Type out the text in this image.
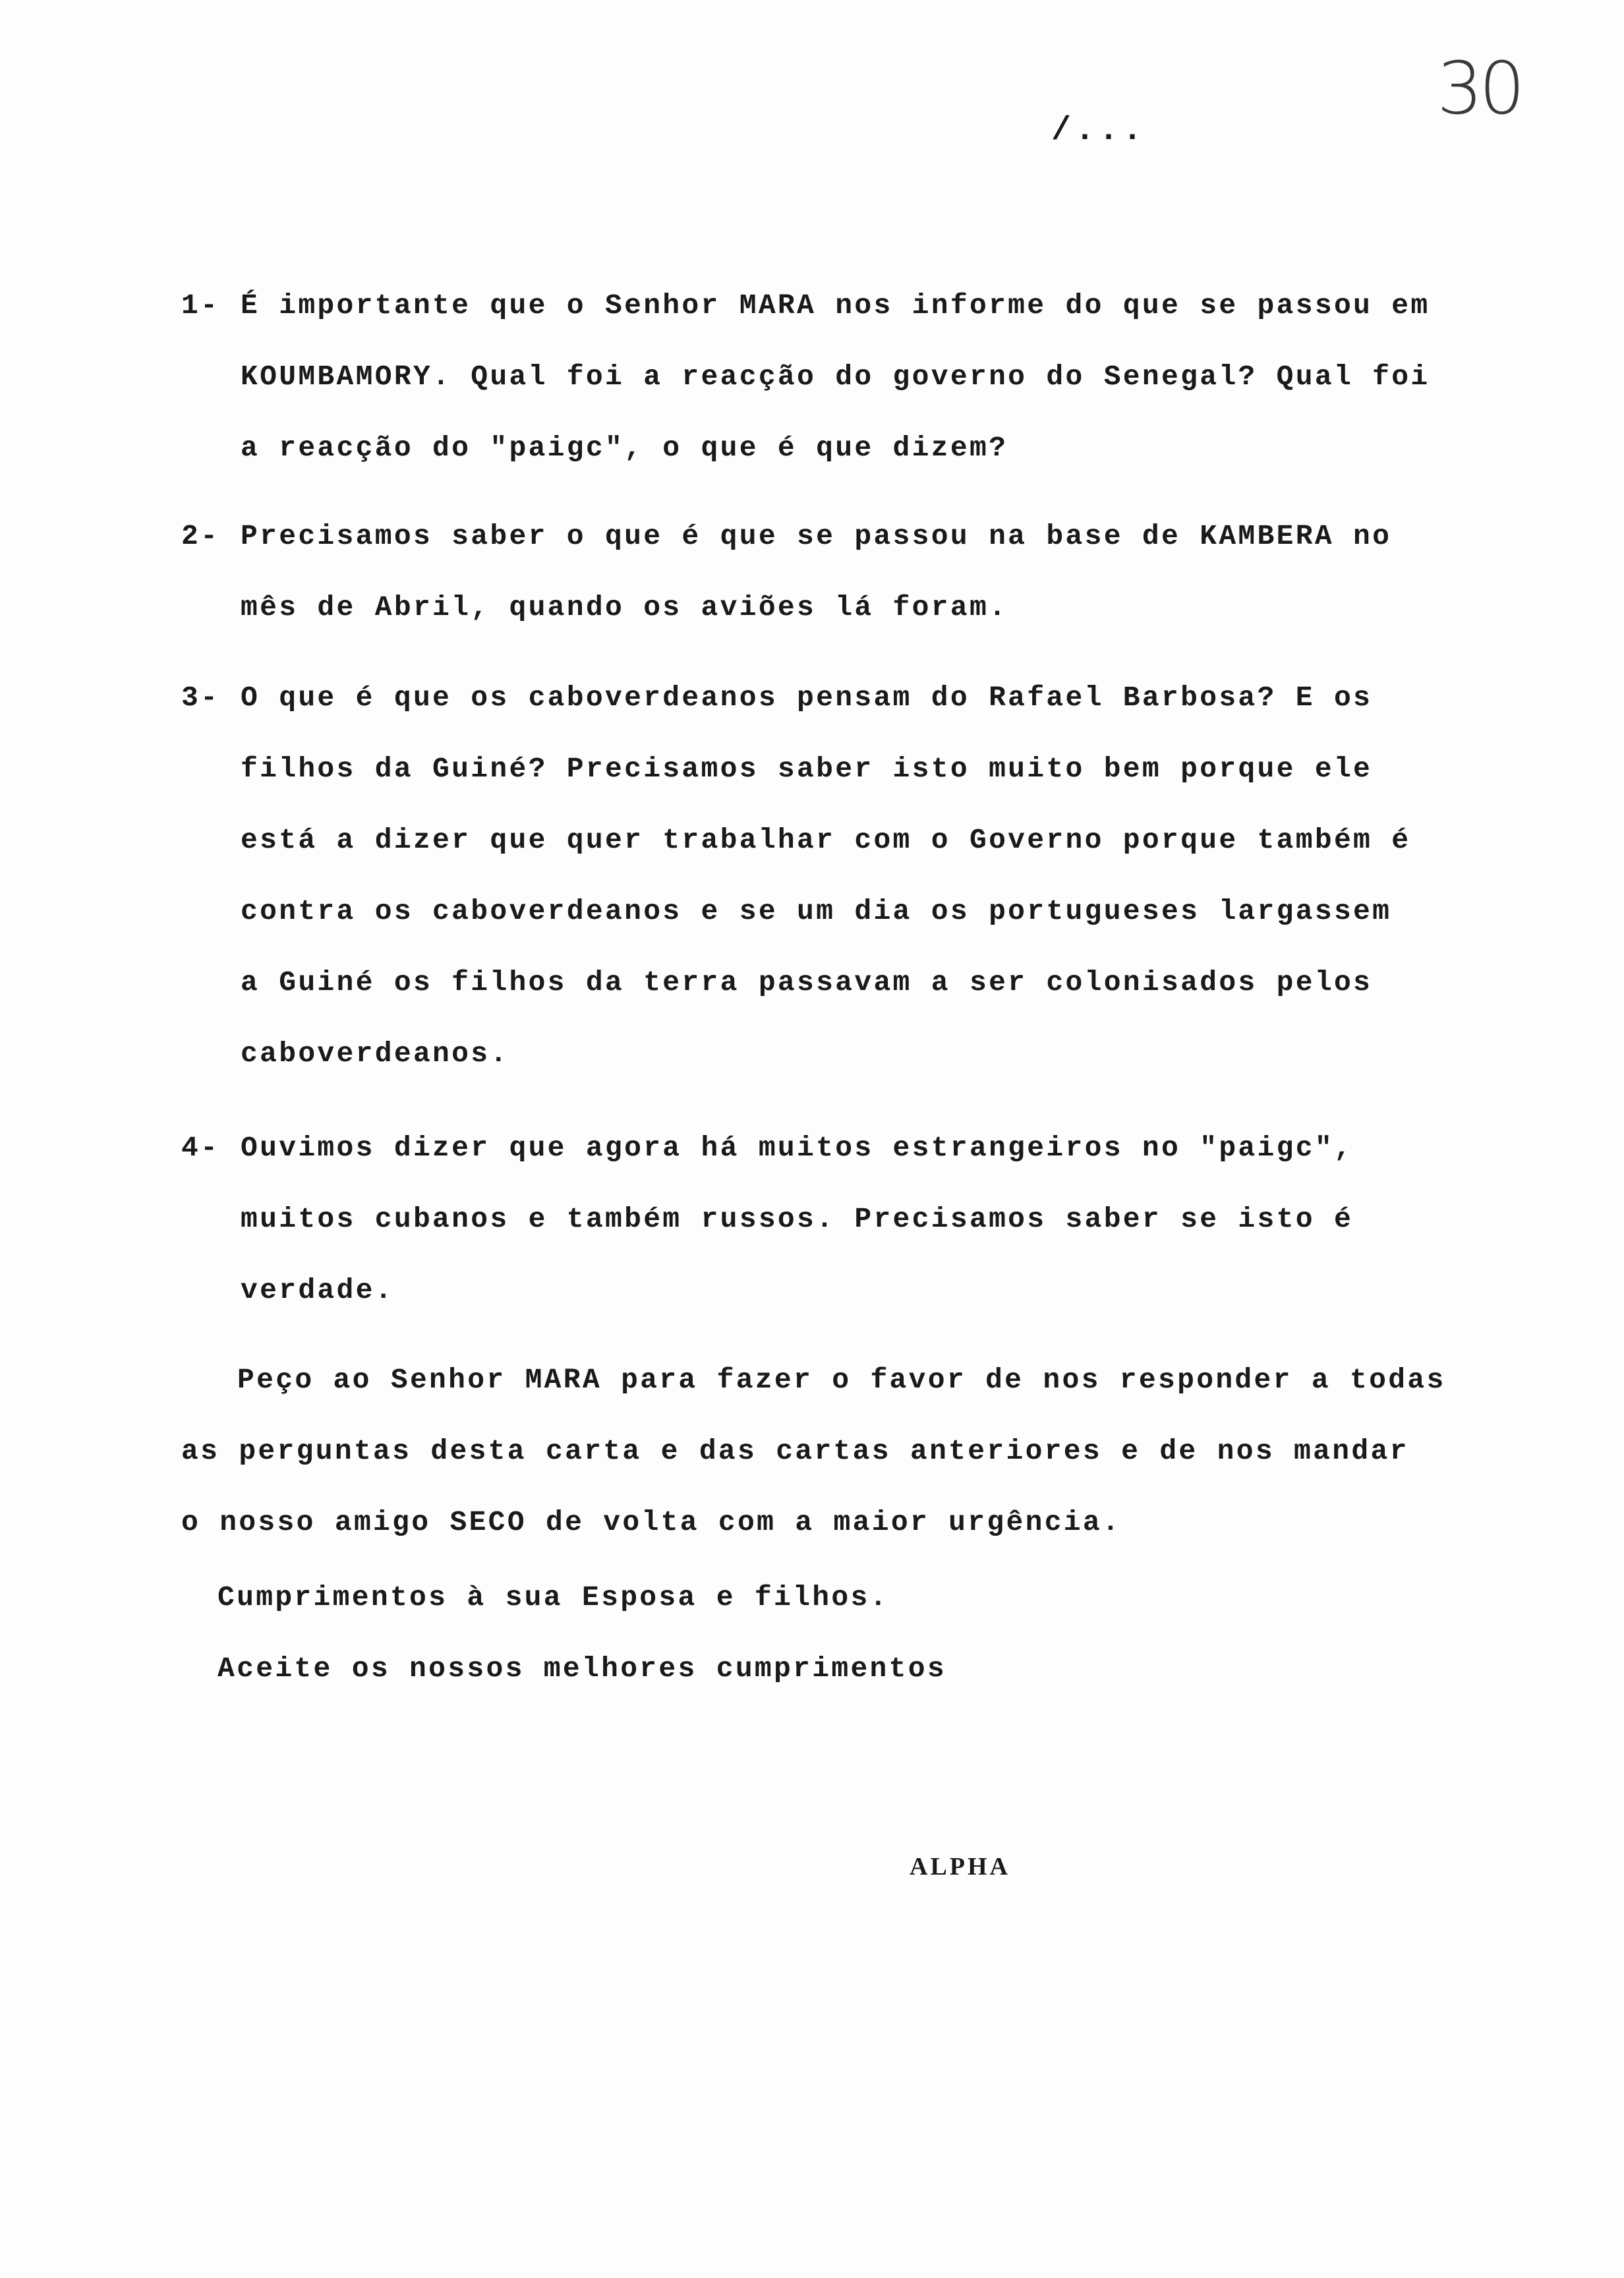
30
/...
1- É importante que o Senhor MARA nos informe do que se passou em
KOUMBAMORY. Qual foi a reacção do governo do Senegal? Qual foi
a reacção do "paigc", o que é que dizem?
2- Precisamos saber o que é que se passou na base de KAMBERA no
mês de Abril, quando os aviões lá foram.
3- O que é que os caboverdeanos pensam do Rafael Barbosa? E os
filhos da Guiné? Precisamos saber isto muito bem porque ele
está a dizer que quer trabalhar com o Governo porque também é
contra os caboverdeanos e se um dia os portugueses largassem
a Guiné os filhos da terra passavam a ser colonisados pelos
caboverdeanos.
4- Ouvimos dizer que agora há muitos estrangeiros no "paigc",
muitos cubanos e também russos. Precisamos saber se isto é
verdade.
Peço ao Senhor MARA para fazer o favor de nos responder a todas
as perguntas desta carta e das cartas anteriores e de nos mandar
o nosso amigo SECO de volta com a maior urgência.
Cumprimentos à sua Esposa e filhos.
Aceite os nossos melhores cumprimentos
ALPHA
